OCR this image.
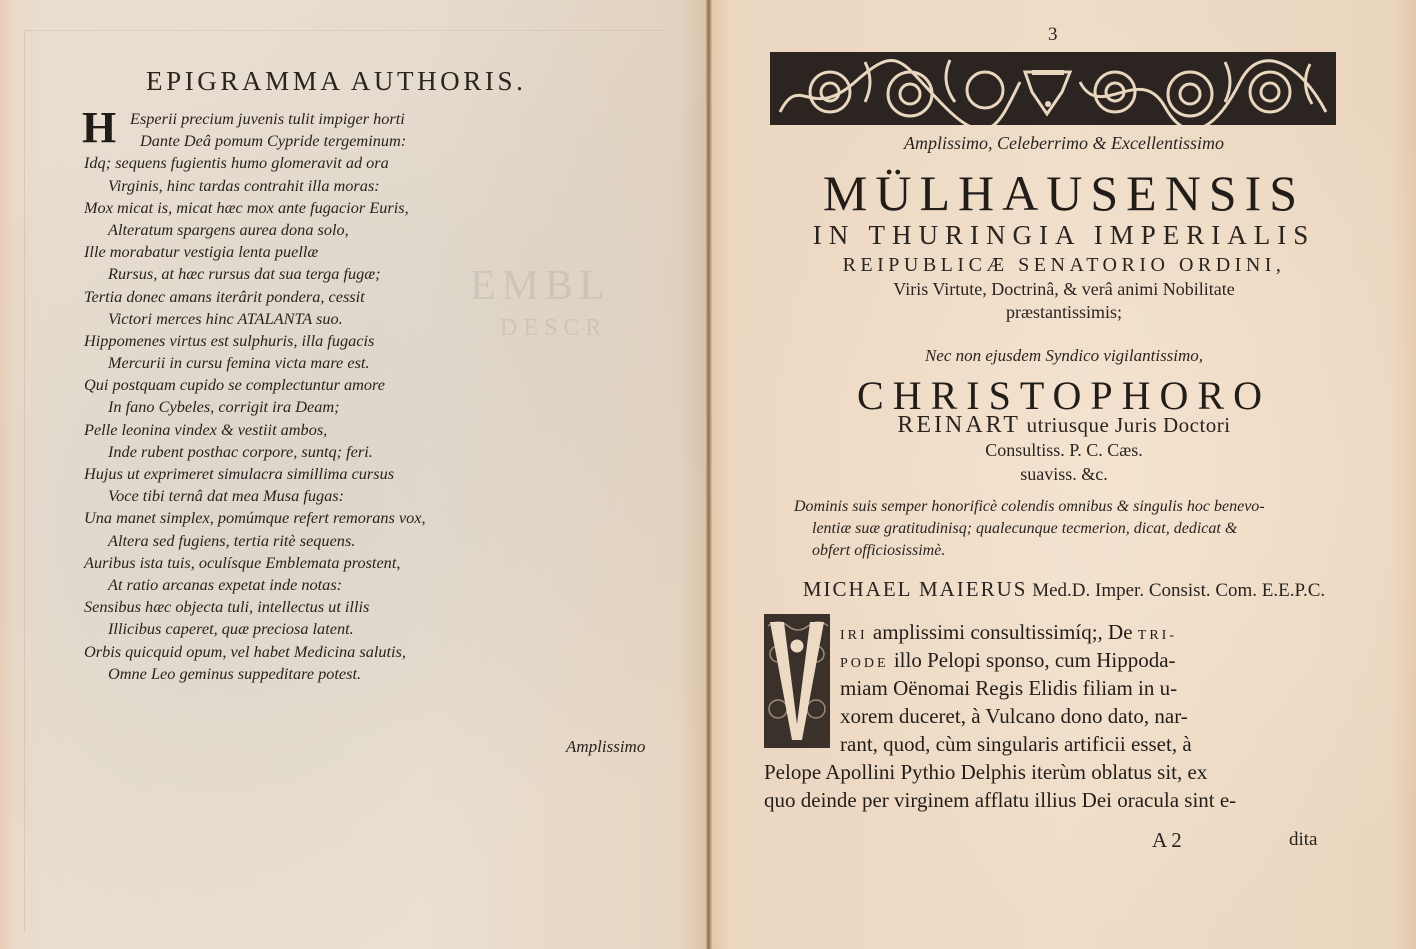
EMBL
DESCR
EPIGRAMMA AUTHORIS.
H Esperii precium juvenis tulit impiger horti
Dante Deâ pomum Cypride tergeminum:
Idq; sequens fugientis humo glomeravit ad ora
Virginis, hinc tardas contrahit illa moras:
Mox micat is, micat hæc mox ante fugacior Euris,
Alteratum spargens aurea dona solo,
Ille morabatur vestigia lenta puellæ
Rursus, at hæc rursus dat sua terga fugæ;
Tertia donec amans iterârit pondera, cessit
Victori merces hinc ATALANTA suo.
Hippomenes virtus est sulphuris, illa fugacis
Mercurii in cursu femina victa mare est.
Qui postquam cupido se complectuntur amore
In fano Cybeles, corrigit ira Deam;
Pelle leonina vindex & vestiit ambos,
Inde rubent posthac corpore, suntq; feri.
Hujus ut exprimeret simulacra simillima cursus
Voce tibi ternâ dat mea Musa fugas:
Una manet simplex, pomúmque refert remorans vox,
Altera sed fugiens, tertia ritè sequens.
Auribus ista tuis, oculísque Emblemata prostent,
At ratio arcanas expetat inde notas:
Sensibus hæc objecta tuli, intellectus ut illis
Illicibus caperet, quæ preciosa latent.
Orbis quicquid opum, vel habet Medicina salutis,
Omne Leo geminus suppeditare potest.
Amplissimo
3
Amplissimo, Celeberrimo & Excellentissimo
MÜLHAUSENSIS
IN THURINGIA IMPERIALIS
REIPUBLICÆ SENATORIO ORDINI,
Viris Virtute, Doctrinâ, & verâ animi Nobilitate
præstantissimis;
Nec non ejusdem Syndico vigilantissimo,
CHRISTOPHORO
REINART utriusque Juris Doctori
Consultiss. P. C. Cæs.
suaviss. &c.
Dominis suis semper honorificè colendis omnibus & singulis hoc benevo-
lentiæ suæ gratitudinisq; qualecunque tecmerion, dicat, dedicat &
obfert officiosissimè.
MICHAEL MAIERUS Med.D. Imper. Consist. Com. E.E.P.C.
IRI amplissimi consultissimíq;, De TRI-
PODE illo Pelopi sponso, cum Hippoda-
miam Oënomai Regis Elidis filiam in u-
xorem duceret, à Vulcano dono dato, nar-
rant, quod, cùm singularis artificii esset, à
Pelope Apollini Pythio Delphis iterùm oblatus sit, ex
quo deinde per virginem afflatu illius Dei oracula sint e-
A 2	dita
